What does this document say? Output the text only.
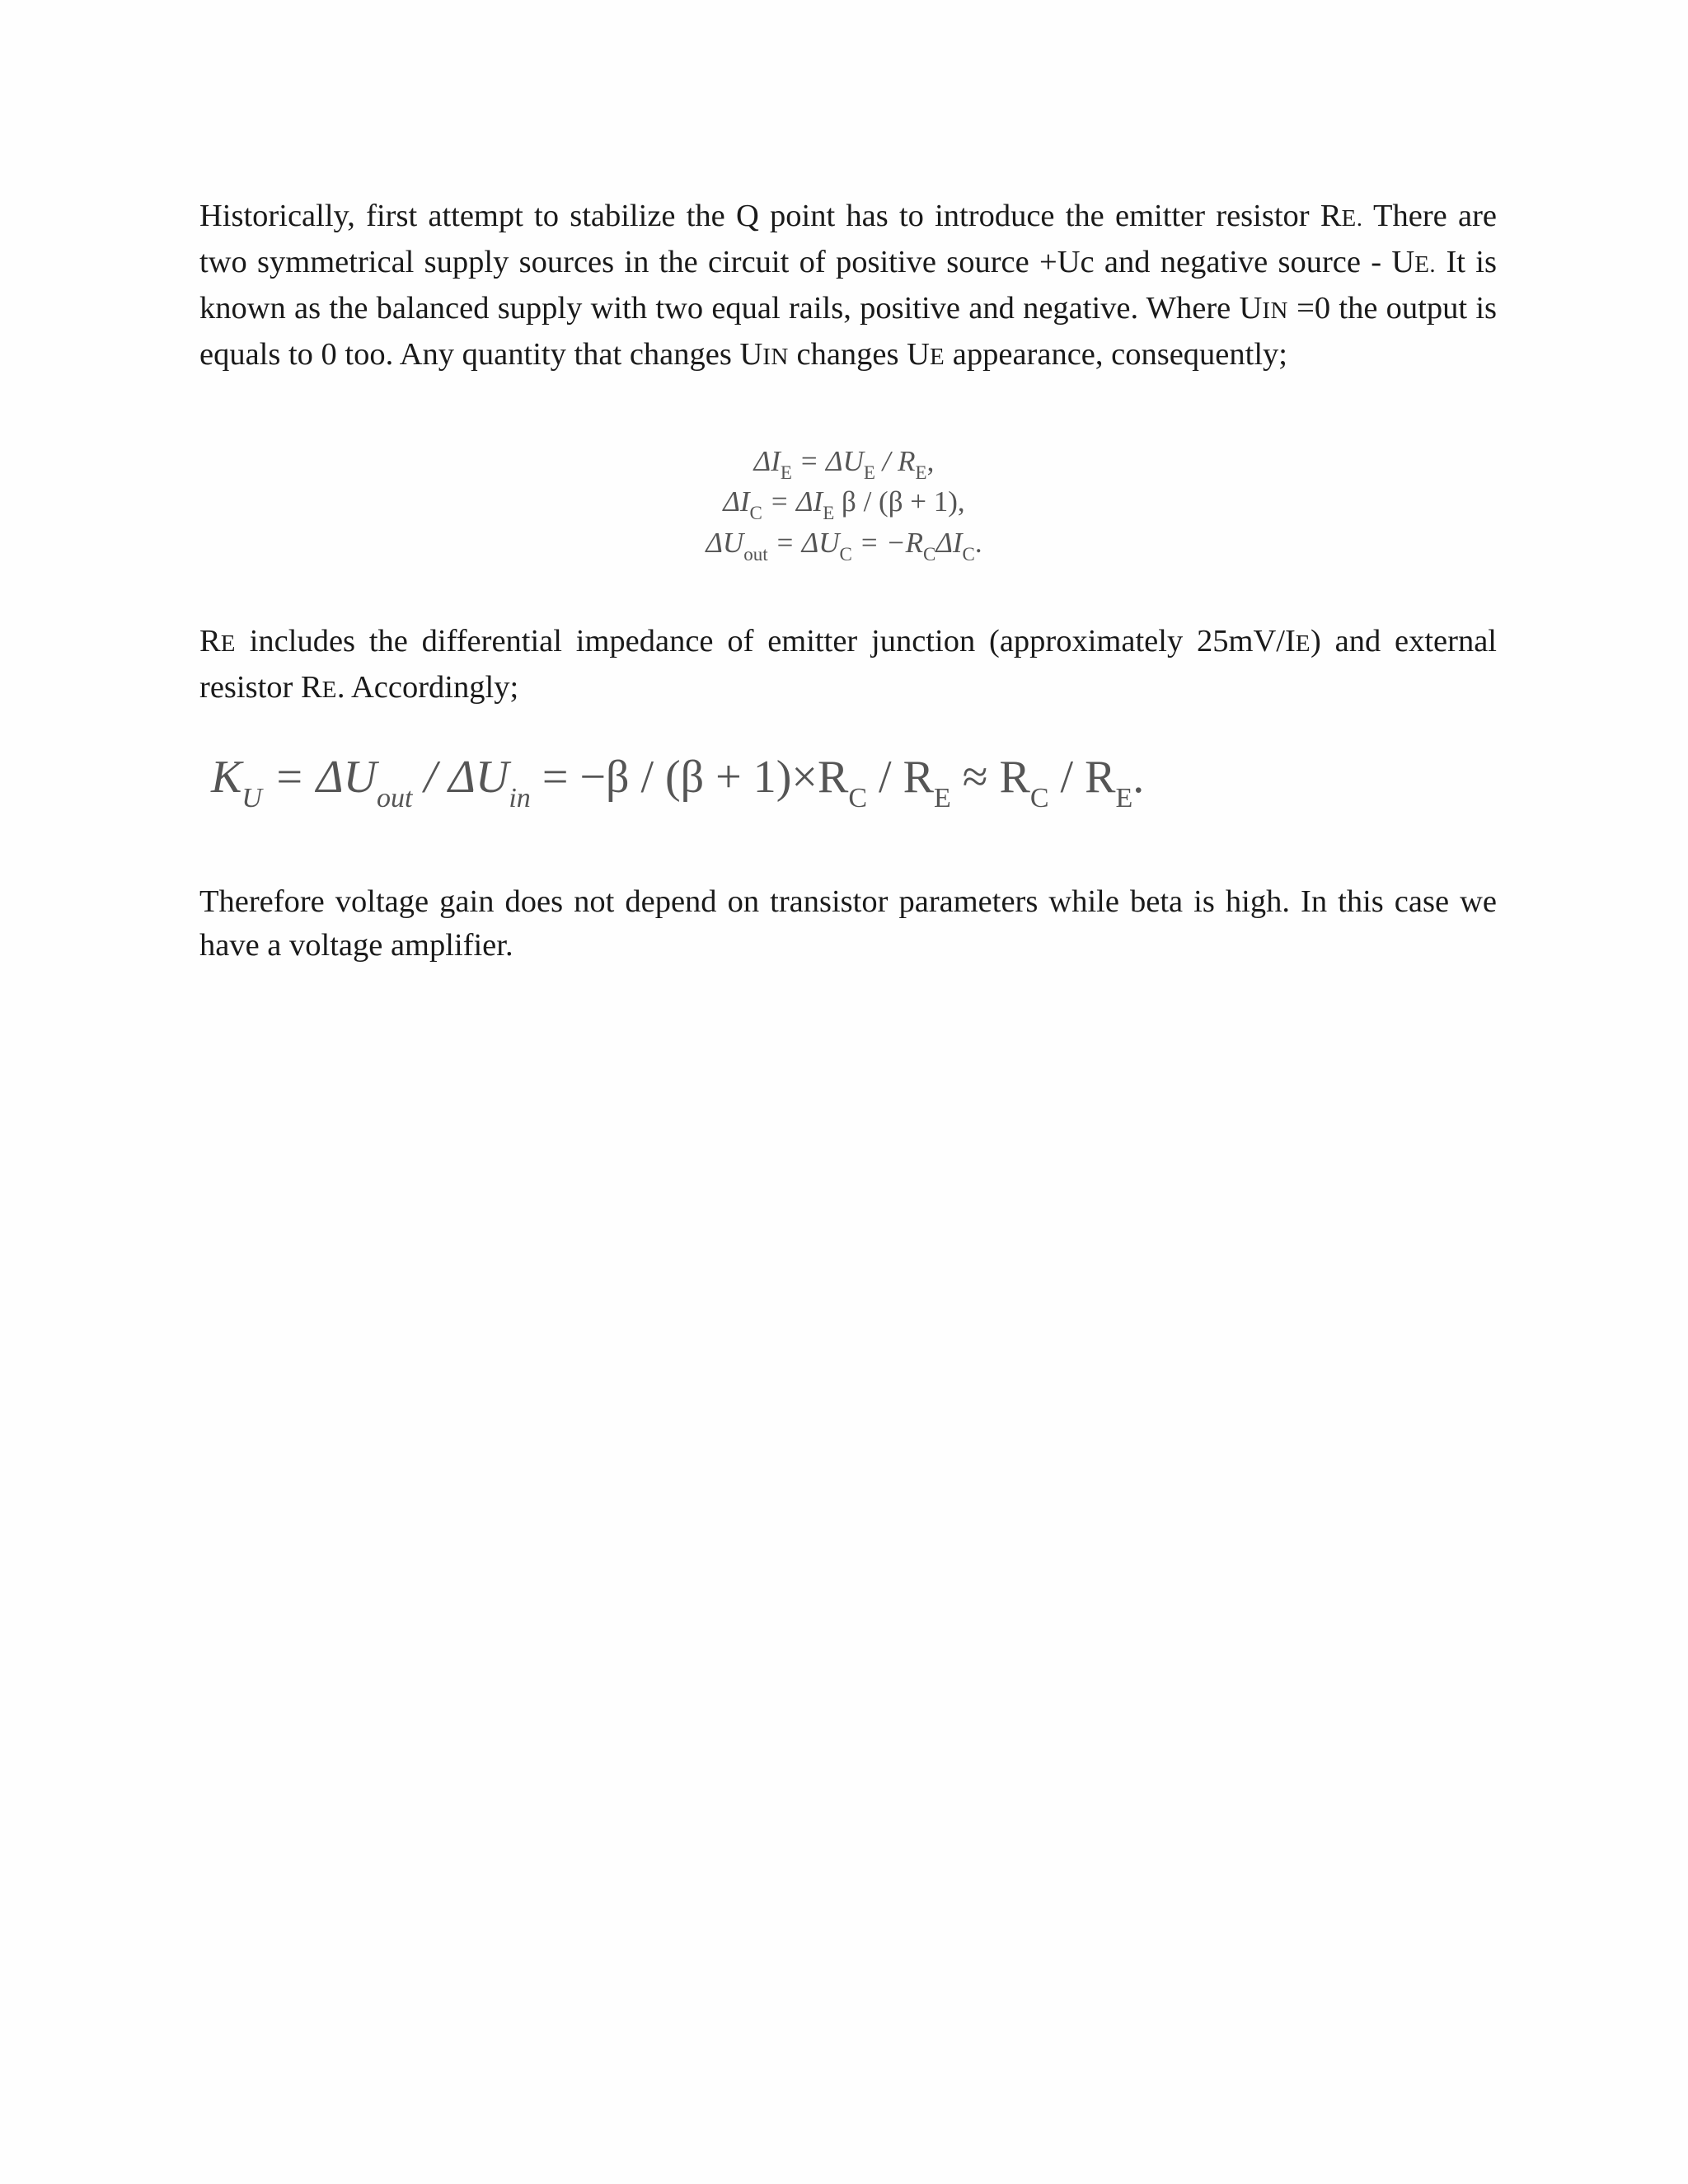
Historically, first attempt to stabilize the Q point has to introduce the emitter resistor RE. There are two symmetrical supply sources in the circuit of positive source +Uc and negative source - UE. It is known as the balanced supply with two equal rails, positive and negative. Where UIN =0 the output is equals to 0 too. Any quantity that changes UIN changes UE appearance, consequently;

$\Delta I_E = \Delta U_E / R_E$,
$\Delta I_C = \Delta I_E$ β / (β + 1),
$\Delta U_{out} = \Delta U_C = -R_C\Delta I_C$.

RE includes the differential impedance of emitter junction (approximately 25mV/IE) and external resistor RE. Accordingly;

$K_U = \Delta U_{out} / \Delta U_{in} = -\beta / (\beta + 1)\times R_C / R_E \approx R_C / R_E$.

Therefore voltage gain does not depend on transistor parameters while beta is high. In this case we have a voltage amplifier.
